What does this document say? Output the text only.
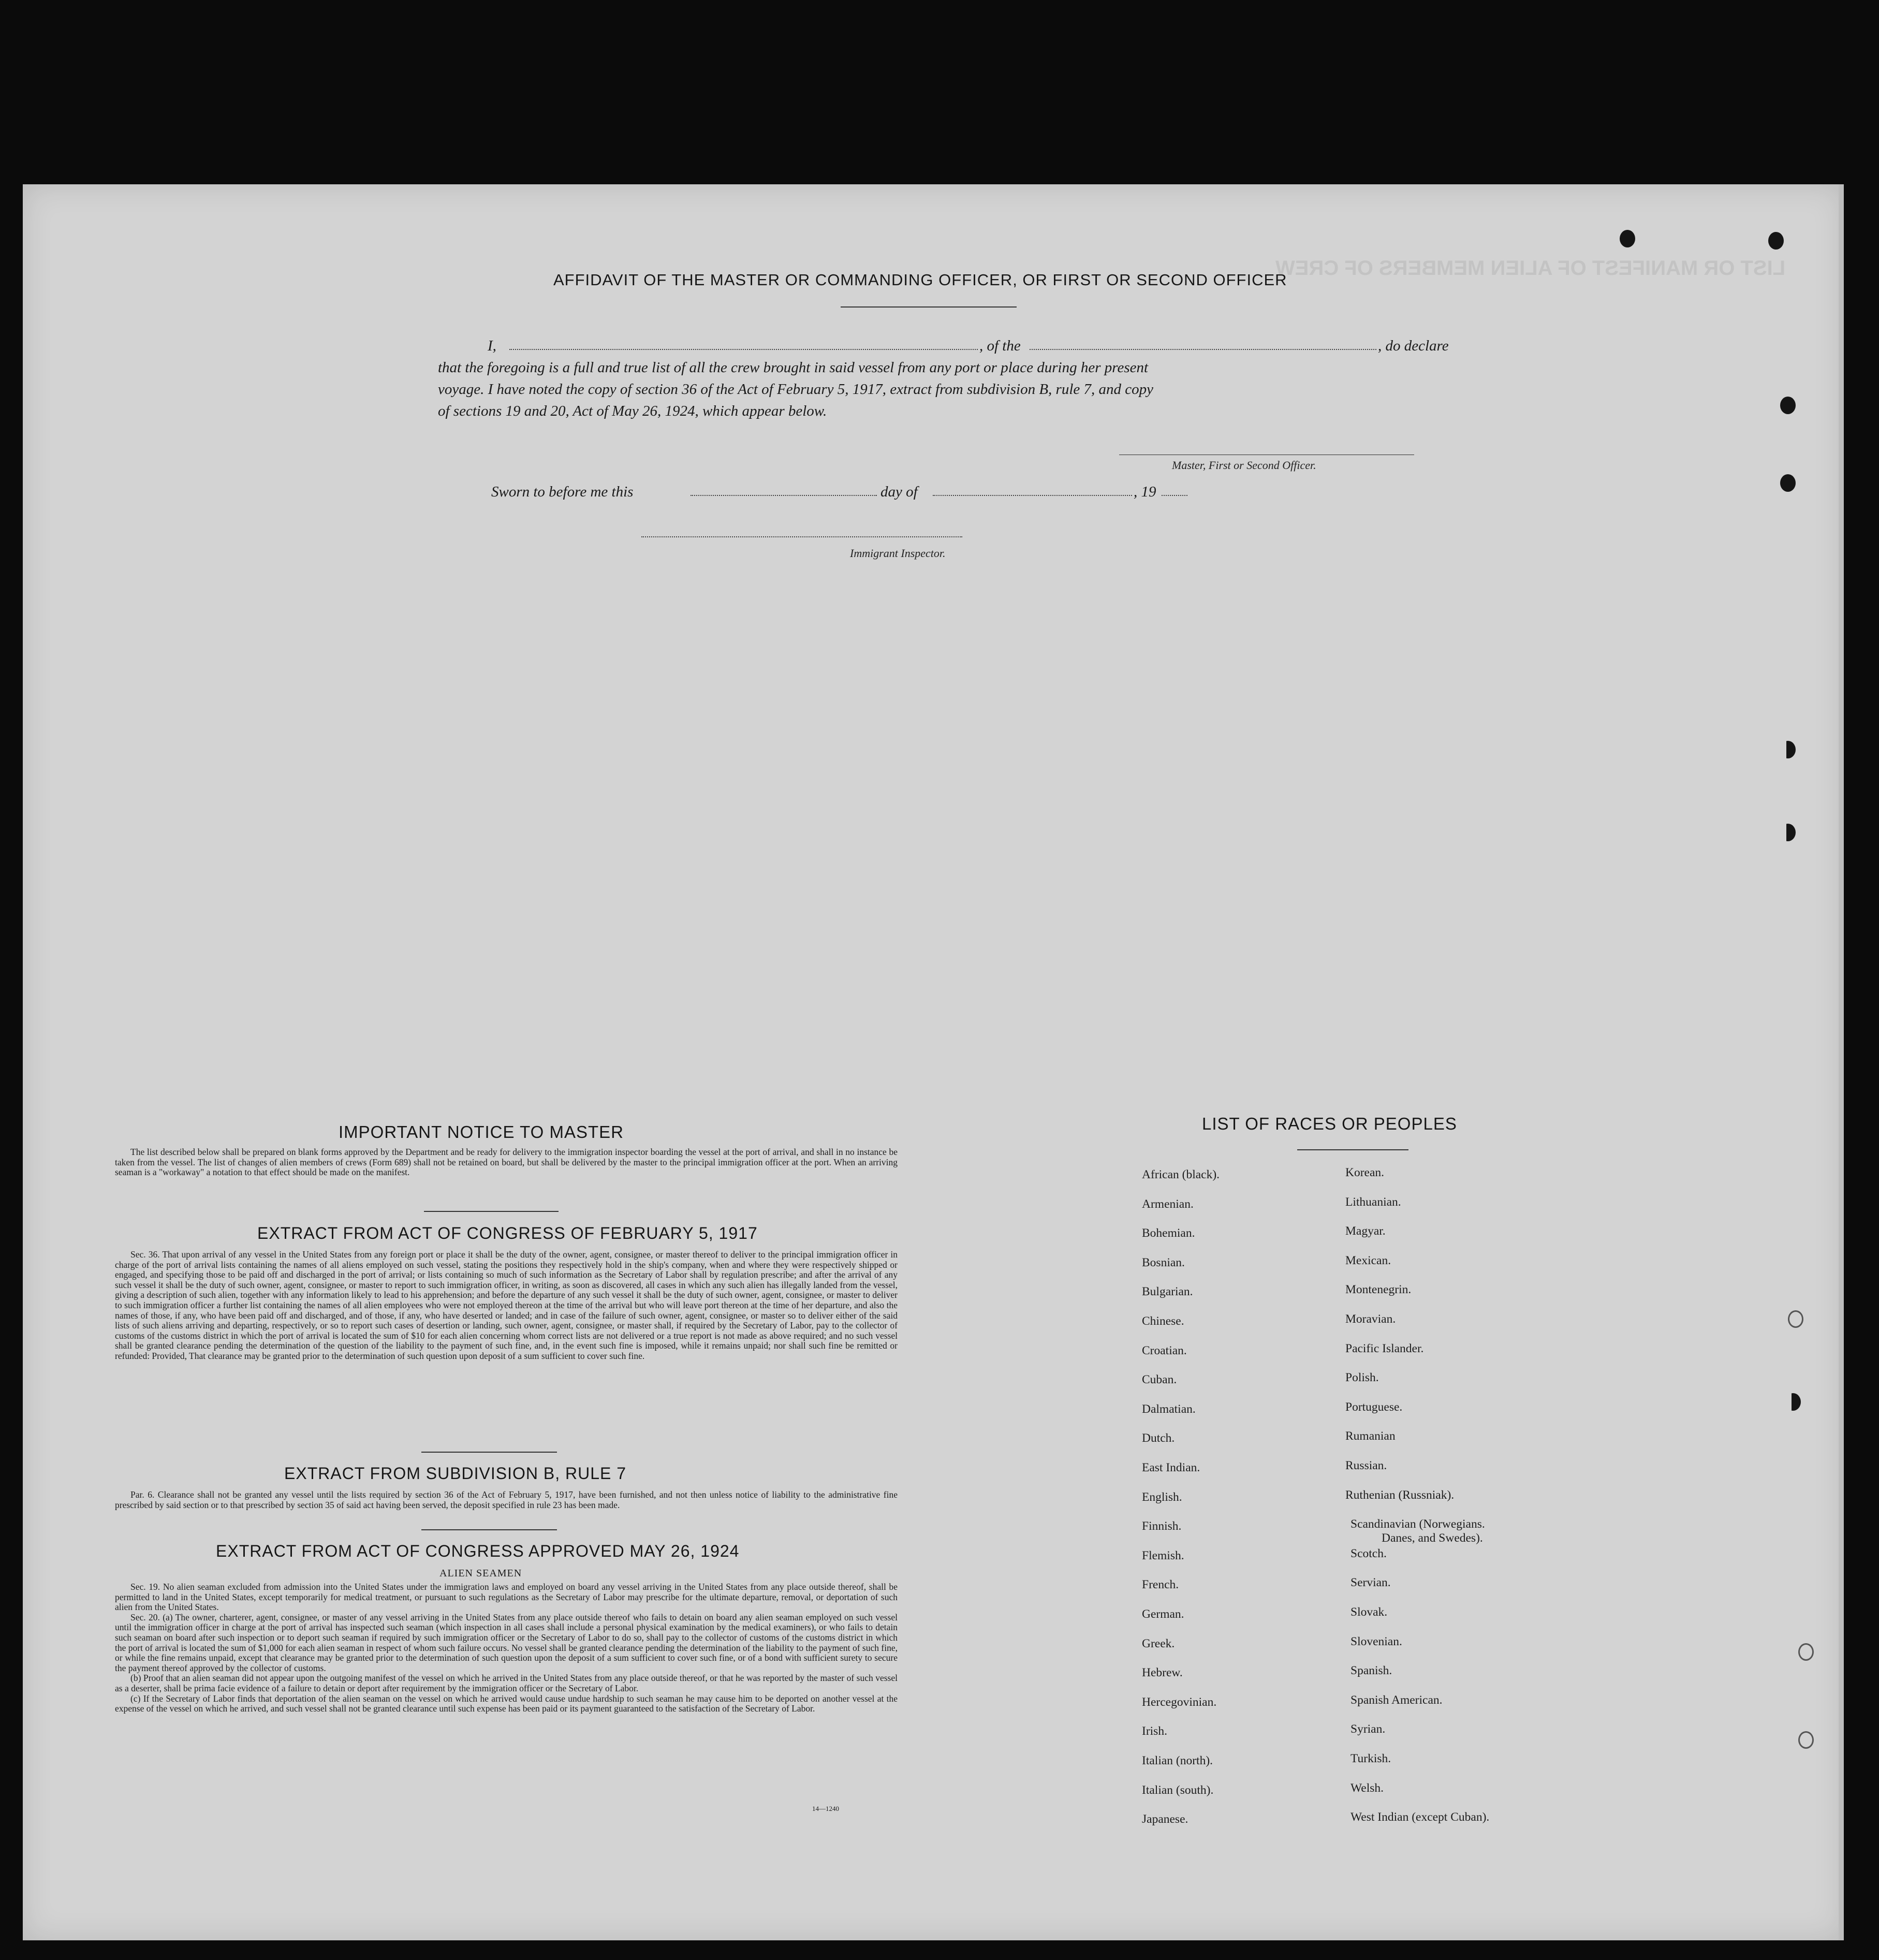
LIST OR MANIFEST OF ALIEN MEMBERS OF CREW
AFFIDAVIT OF THE MASTER OR COMMANDING OFFICER, OR FIRST OR SECOND OFFICER
I,	, of the	, do declare
that the foregoing is a full and true list of all the crew brought in said vessel from any port or place during her present
voyage. I have noted the copy of section 36 of the Act of February 5, 1917, extract from subdivision B, rule 7, and copy
of sections 19 and 20, Act of May 26, 1924, which appear below.
Master, First or Second Officer.
Sworn to before me this	day of	, 19
Immigrant Inspector.
IMPORTANT NOTICE TO MASTER

The list described below shall be prepared on blank forms approved by the Department and be ready for delivery to the immigration inspector boarding the vessel at the port of arrival, and shall in no instance be taken from the vessel. The list of changes of alien members of crews (Form 689) shall not be retained on board, but shall be delivered by the master to the principal immigration officer at the port. When an arriving seaman is a "workaway" a notation to that effect should be made on the manifest.

EXTRACT FROM ACT OF CONGRESS OF FEBRUARY 5, 1917

Sec. 36. That upon arrival of any vessel in the United States from any foreign port or place it shall be the duty of the owner, agent, consignee, or master thereof to deliver to the principal immigration officer in charge of the port of arrival lists containing the names of all aliens employed on such vessel, stating the positions they respectively hold in the ship's company, when and where they were respectively shipped or engaged, and specifying those to be paid off and discharged in the port of arrival; or lists containing so much of such information as the Secretary of Labor shall by regulation prescribe; and after the arrival of any such vessel it shall be the duty of such owner, agent, consignee, or master to report to such immigration officer, in writing, as soon as discovered, all cases in which any such alien has illegally landed from the vessel, giving a description of such alien, together with any information likely to lead to his apprehension; and before the departure of any such vessel it shall be the duty of such owner, agent, consignee, or master to deliver to such immigration officer a further list containing the names of all alien employees who were not employed thereon at the time of the arrival but who will leave port thereon at the time of her departure, and also the names of those, if any, who have been paid off and discharged, and of those, if any, who have deserted or landed; and in case of the failure of such owner, agent, consignee, or master so to deliver either of the said lists of such aliens arriving and departing, respectively, or so to report such cases of desertion or landing, such owner, agent, consignee, or master shall, if required by the Secretary of Labor, pay to the collector of customs of the customs district in which the port of arrival is located the sum of $10 for each alien concerning whom correct lists are not delivered or a true report is not made as above required; and no such vessel shall be granted clearance pending the determination of the question of the liability to the payment of such fine, and, in the event such fine is imposed, while it remains unpaid; nor shall such fine be remitted or refunded: Provided, That clearance may be granted prior to the determination of such question upon deposit of a sum sufficient to cover such fine.

EXTRACT FROM SUBDIVISION B, RULE 7

Par. 6. Clearance shall not be granted any vessel until the lists required by section 36 of the Act of February 5, 1917, have been furnished, and not then unless notice of liability to the administrative fine prescribed by said section or to that prescribed by section 35 of said act having been served, the deposit specified in rule 23 has been made.

EXTRACT FROM ACT OF CONGRESS APPROVED MAY 26, 1924
ALIEN SEAMEN

Sec. 19. No alien seaman excluded from admission into the United States under the immigration laws and employed on board any vessel arriving in the United States from any place outside thereof, shall be permitted to land in the United States, except temporarily for medical treatment, or pursuant to such regulations as the Secretary of Labor may prescribe for the ultimate departure, removal, or deportation of such alien from the United States.

Sec. 20. (a) The owner, charterer, agent, consignee, or master of any vessel arriving in the United States from any place outside thereof who fails to detain on board any alien seaman employed on such vessel until the immigration officer in charge at the port of arrival has inspected such seaman (which inspection in all cases shall include a personal physical examination by the medical examiners), or who fails to detain such seaman on board after such inspection or to deport such seaman if required by such immigration officer or the Secretary of Labor to do so, shall pay to the collector of customs of the customs district in which the port of arrival is located the sum of $1,000 for each alien seaman in respect of whom such failure occurs. No vessel shall be granted clearance pending the determination of the liability to the payment of such fine, or while the fine remains unpaid, except that clearance may be granted prior to the determination of such question upon the deposit of a sum sufficient to cover such fine, or of a bond with sufficient surety to secure the payment thereof approved by the collector of customs.

(b) Proof that an alien seaman did not appear upon the outgoing manifest of the vessel on which he arrived in the United States from any place outside thereof, or that he was reported by the master of such vessel as a deserter, shall be prima facie evidence of a failure to detain or deport after requirement by the immigration officer or the Secretary of Labor.

(c) If the Secretary of Labor finds that deportation of the alien seaman on the vessel on which he arrived would cause undue hardship to such seaman he may cause him to be deported on another vessel at the expense of the vessel on which he arrived, and such vessel shall not be granted clearance until such expense has been paid or its payment guaranteed to the satisfaction of the Secretary of Labor.

14—1240
LIST OF RACES OR PEOPLES
African (black).
Armenian.
Bohemian.
Bosnian.
Bulgarian.
Chinese.
Croatian.
Cuban.
Dalmatian.
Dutch.
East Indian.
English.
Finnish.
Flemish.
French.
German.
Greek.
Hebrew.
Hercegovinian.
Irish.
Italian (north).
Italian (south).
Japanese.
Korean.
Lithuanian.
Magyar.
Mexican.
Montenegrin.
Moravian.
Pacific Islander.
Polish.
Portuguese.
Rumanian
Russian.
Ruthenian (Russniak).
Scandinavian (Norwegians.
Scotch.
Servian.
Slovak.
Slovenian.
Spanish.
Spanish American.
Syrian.
Turkish.
Welsh.
West Indian (except Cuban).
Danes, and Swedes).
